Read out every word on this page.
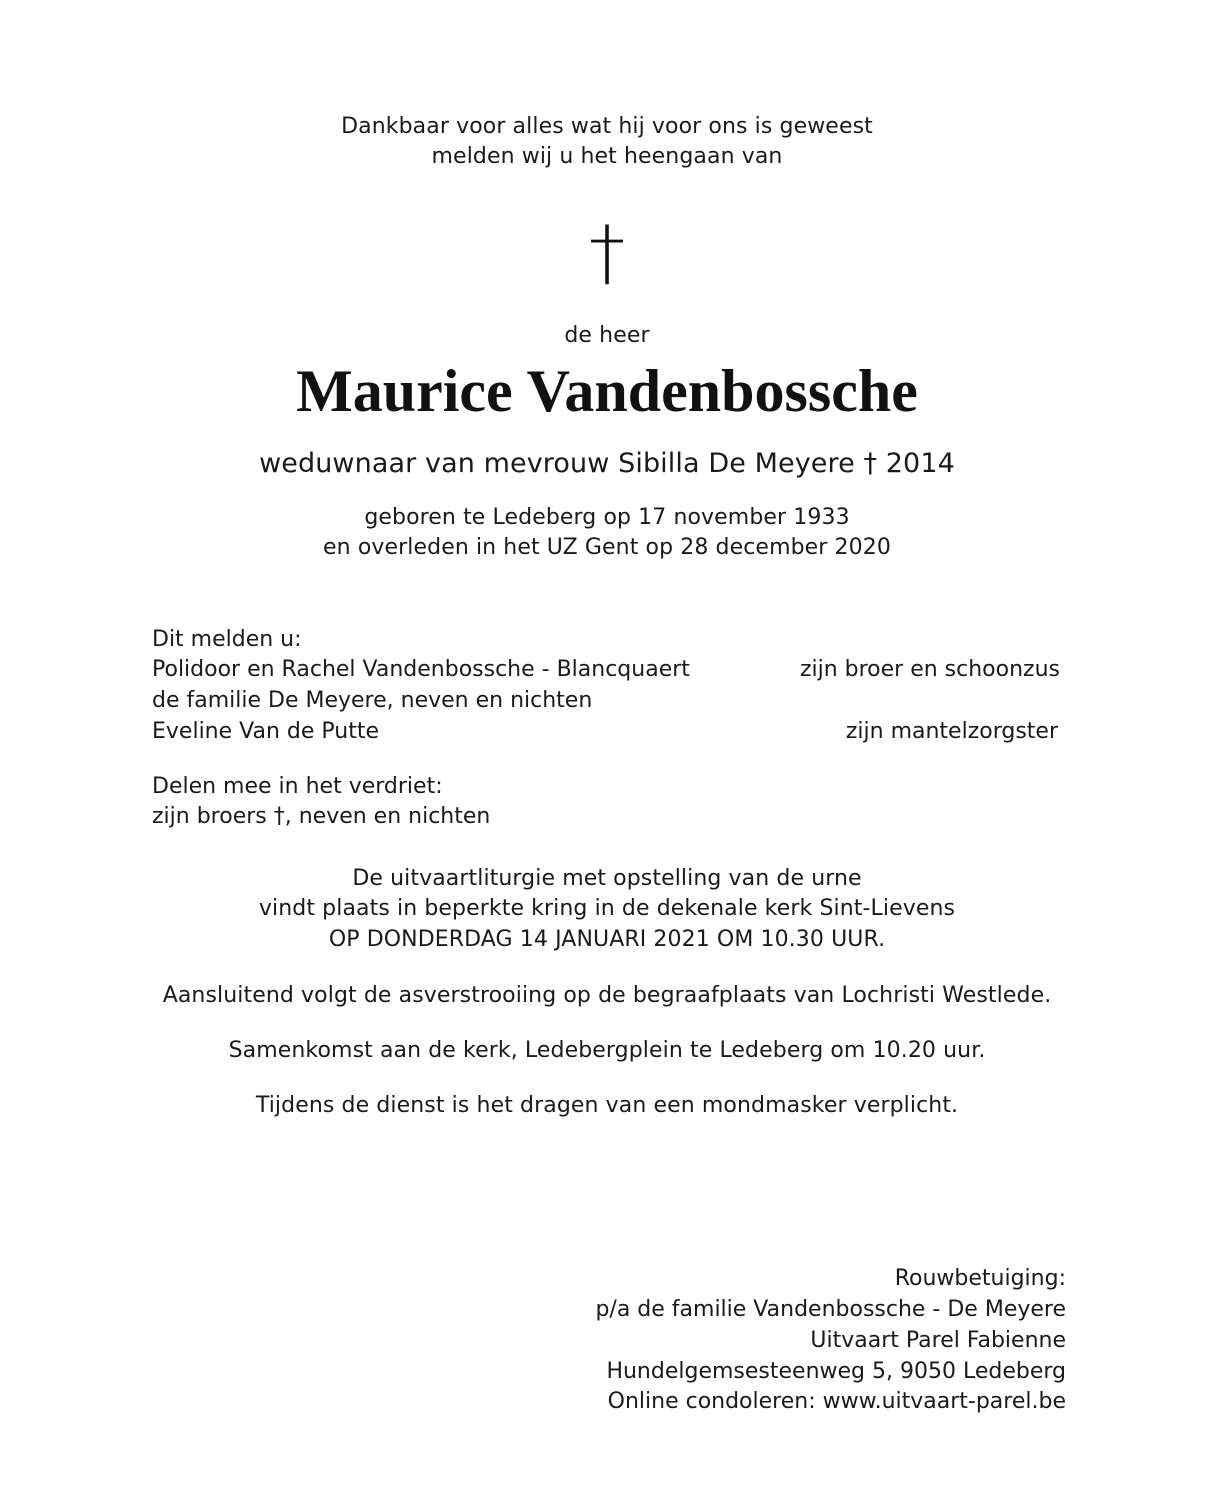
Dankbaar voor alles wat hij voor ons is geweest
melden wij u het heengaan van
†
de heer
Maurice Vandenbossche
weduwnaar van mevrouw Sibilla De Meyere † 2014
geboren te Ledeberg op 17 november 1933
en overleden in het UZ Gent op 28 december 2020
Dit melden u:
Polidoor en Rachel Vandenbossche - Blancquaert	zijn broer en schoonzus
de familie De Meyere, neven en nichten
Eveline Van de Putte	zijn mantelzorgster
Delen mee in het verdriet:
zijn broers †, neven en nichten
De uitvaartliturgie met opstelling van de urne
vindt plaats in beperkte kring in de dekenale kerk Sint-Lievens
OP DONDERDAG 14 JANUARI 2021 OM 10.30 UUR.
Aansluitend volgt de asverstrooiing op de begraafplaats van Lochristi Westlede.
Samenkomst aan de kerk, Ledebergplein te Ledeberg om 10.20 uur.
Tijdens de dienst is het dragen van een mondmasker verplicht.
Rouwbetuiging:
p/a de familie Vandenbossche - De Meyere
Uitvaart Parel Fabienne
Hundelgemsesteenweg 5, 9050 Ledeberg
Online condoleren: www.uitvaart-parel.be
